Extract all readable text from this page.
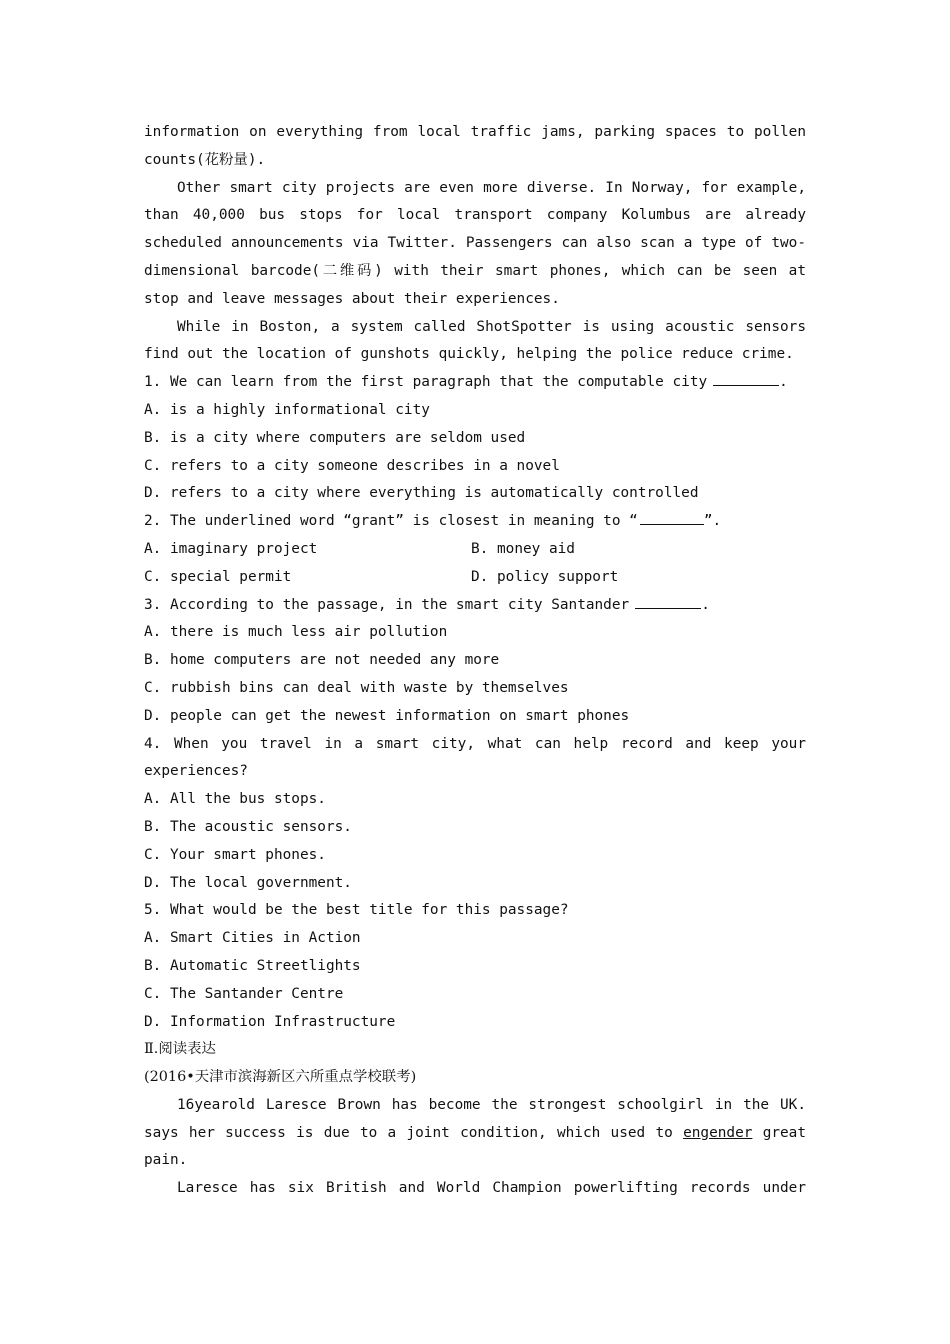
information on everything from local traffic jams, parking spaces to pollen
counts(花粉量).
Other smart city projects are even more diverse. In Norway, for example,
than 40,000 bus stops for local transport company Kolumbus are already
scheduled announcements via Twitter. Passengers can also scan a type of two-
dimensional barcode(二维码) with their smart phones, which can be seen at
stop and leave messages about their experiences.
While in Boston, a system called ShotSpotter is using acoustic sensors
find out the location of gunshots quickly, helping the police reduce crime.
1. We can learn from the first paragraph that the computable city	.
A. is a highly informational city
B. is a city where computers are seldom used
C. refers to a city someone describes in a novel
D. refers to a city where everything is automatically controlled
2. The underlined word “grant” is closest in meaning to “	”.
A. imaginary project	B. money aid
C. special permit	D. policy support
3. According to the passage, in the smart city Santander	.
A. there is much less air pollution
B. home computers are not needed any more
C. rubbish bins can deal with waste by themselves
D. people can get the newest information on smart phones
4. When you travel in a smart city, what can help record and keep your
experiences?
A. All the bus stops.
B. The acoustic sensors.
C. Your smart phones.
D. The local government.
5. What would be the best title for this passage?
A. Smart Cities in Action
B. Automatic Streetlights
C. The Santander Centre
D. Information Infrastructure
Ⅱ.阅读表达
(2016•天津市滨海新区六所重点学校联考)
16yearold Laresce Brown has become the strongest schoolgirl in the UK.
says her success is due to a joint condition, which used to engender great
pain.
Laresce has six British and World Champion powerlifting records under
